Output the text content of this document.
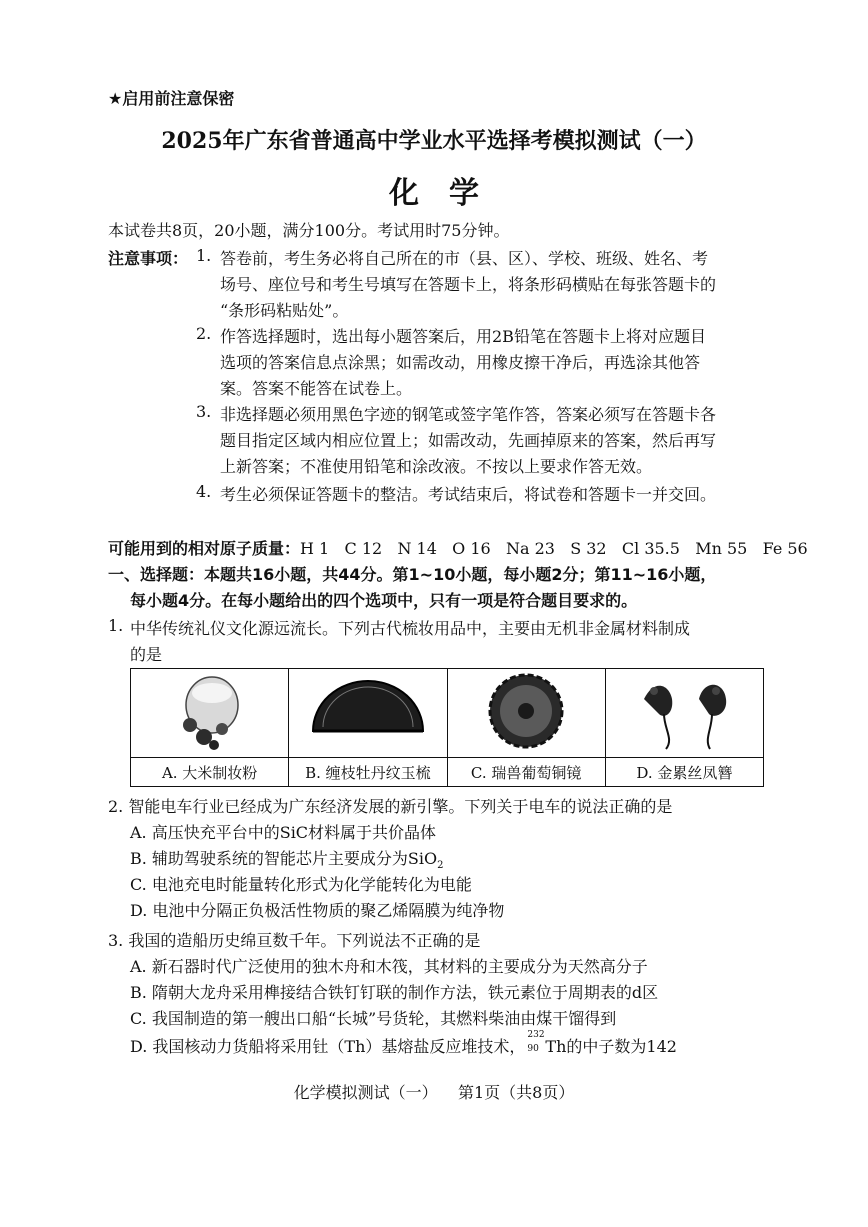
★启用前注意保密
2025年广东省普通高中学业水平选择考模拟测试（一）
化学
本试卷共8页，20小题，满分100分。考试用时75分钟。
注意事项： 1. 答卷前，考生务必将自己所在的市（县、区）、学校、班级、姓名、考
场号、座位号和考生号填写在答题卡上，将条形码横贴在每张答题卡的
“条形码粘贴处”。
2. 作答选择题时，选出每小题答案后，用2B铅笔在答题卡上将对应题目
选项的答案信息点涂黑；如需改动，用橡皮擦干净后，再选涂其他答
案。答案不能答在试卷上。
3. 非选择题必须用黑色字迹的钢笔或签字笔作答，答案必须写在答题卡各
题目指定区域内相应位置上；如需改动，先画掉原来的答案，然后再写
上新答案；不准使用铅笔和涂改液。不按以上要求作答无效。
4. 考生必须保证答题卡的整洁。考试结束后，将试卷和答题卡一并交回。
可能用到的相对原子质量：H 1   C 12   N 14   O 16   Na 23   S 32   Cl 35.5   Mn 55   Fe 56
一、选择题：本题共16小题，共44分。第1~10小题，每小题2分；第11~16小题，
每小题4分。在每小题给出的四个选项中，只有一项是符合题目要求的。
1. 中华传统礼仪文化源远流长。下列古代梳妆用品中，主要由无机非金属材料制成
的是

A. 大米制妆粉	B. 缠枝牡丹纹玉梳	C. 瑞兽葡萄铜镜	D. 金累丝凤簪
2. 智能电车行业已经成为广东经济发展的新引擎。下列关于电车的说法正确的是
A. 高压快充平台中的SiC材料属于共价晶体
B. 辅助驾驶系统的智能芯片主要成分为SiO$_2$
C. 电池充电时能量转化形式为化学能转化为电能
D. 电池中分隔正负极活性物质的聚乙烯隔膜为纯净物
3. 我国的造船历史绵亘数千年。下列说法不正确的是
A. 新石器时代广泛使用的独木舟和木筏，其材料的主要成分为天然高分子
B. 隋朝大龙舟采用榫接结合铁钉钉联的制作方法，铁元素位于周期表的d区
C. 我国制造的第一艘出口船“长城”号货轮，其燃料柴油由煤干馏得到
D. 我国核动力货船将采用钍（Th）基熔盐反应堆技术，
232
90 Th的中子数为142
化学模拟测试（一）    第1页（共8页）
